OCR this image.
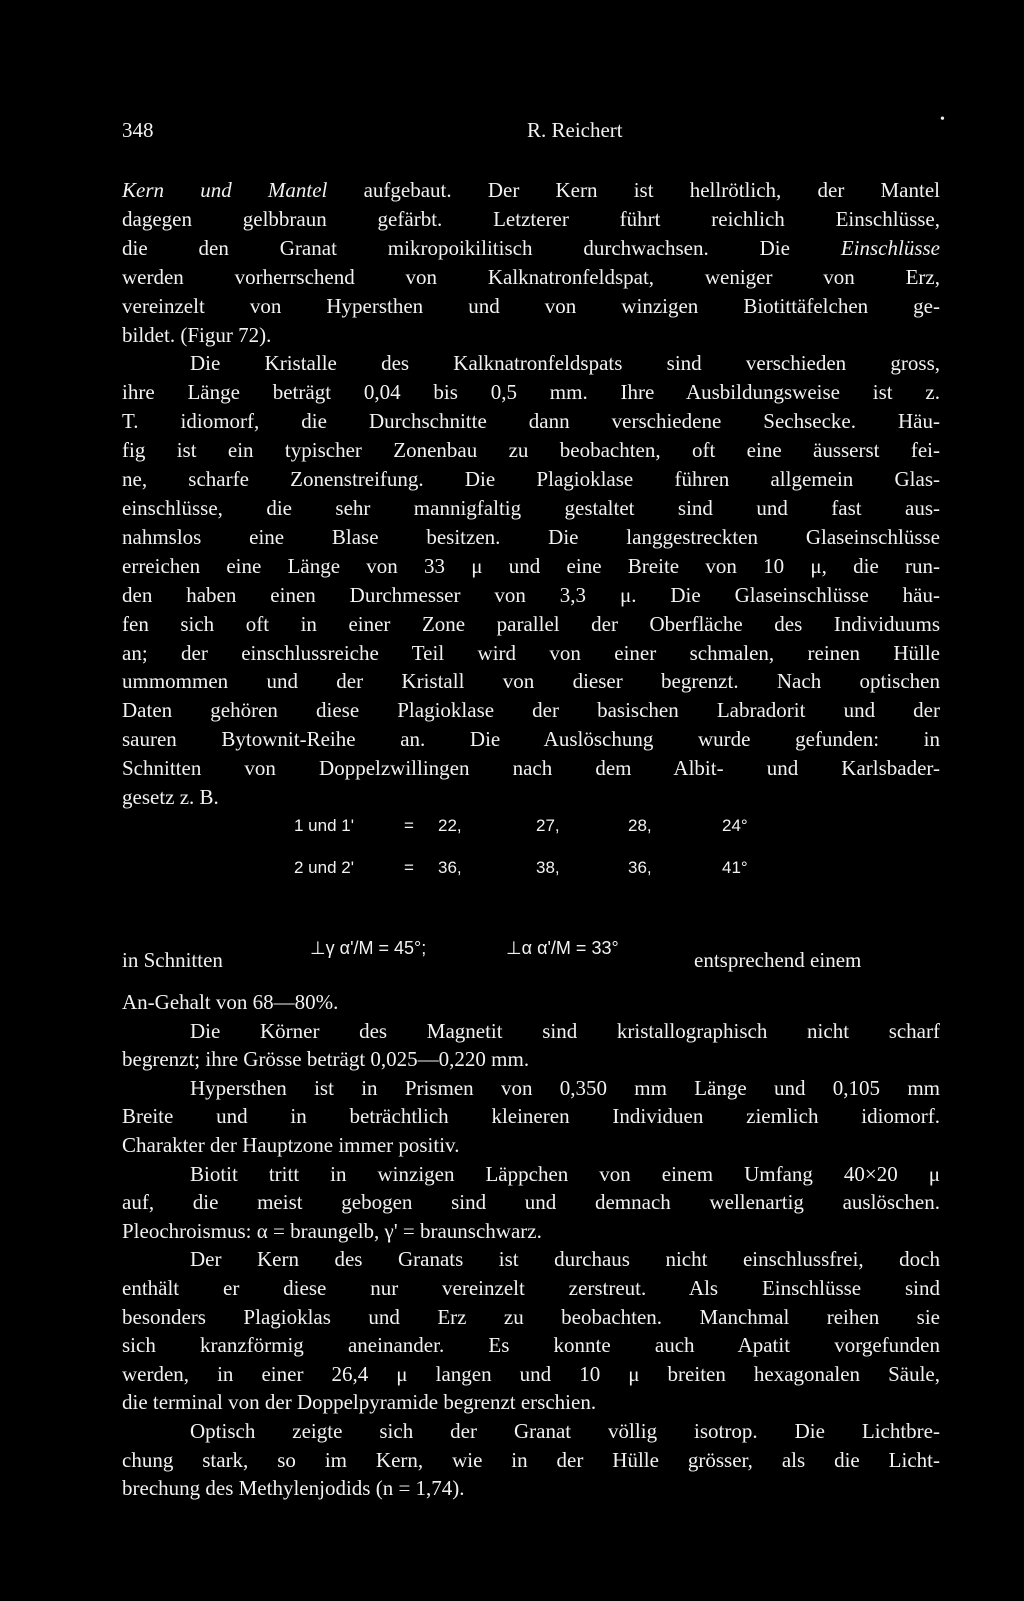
348	R. Reichert	•
Kern und Mantel aufgebaut. Der Kern ist hellrötlich, der Mantel
dagegen gelbbraun gefärbt. Letzterer führt reichlich Einschlüsse,
die den Granat mikropoikilitisch durchwachsen. Die Einschlüsse
werden vorherrschend von Kalknatronfeldspat, weniger von Erz,
vereinzelt von Hypersthen und von winzigen Biotittäfelchen ge-
bildet. (Figur 72).
Die Kristalle des Kalknatronfeldspats sind verschieden gross,
ihre Länge beträgt 0,04 bis 0,5 mm. Ihre Ausbildungsweise ist z.
T. idiomorf, die Durchschnitte dann verschiedene Sechsecke. Häu-
fig ist ein typischer Zonenbau zu beobachten, oft eine äusserst fei-
ne, scharfe Zonenstreifung. Die Plagioklase führen allgemein Glas-
einschlüsse, die sehr mannigfaltig gestaltet sind und fast aus-
nahmslos eine Blase besitzen. Die langgestreckten Glaseinschlüsse
erreichen eine Länge von 33 μ und eine Breite von 10 μ, die run-
den haben einen Durchmesser von 3,3 μ. Die Glaseinschlüsse häu-
fen sich oft in einer Zone parallel der Oberfläche des Individuums
an; der einschlussreiche Teil wird von einer schmalen, reinen Hülle
ummommen und der Kristall von dieser begrenzt. Nach optischen
Daten gehören diese Plagioklase der basischen Labradorit und der
sauren Bytownit-Reihe an. Die Auslöschung wurde gefunden: in
Schnitten von Doppelzwillingen nach dem Albit- und Karlsbader-
gesetz z. B.
1 und 1'	= 22,	27,	28,	24°
2 und 2'	= 36,	38,	36,	41°
in Schnitten	⊥γ α'/M = 45°;	⊥α α'/M = 33°	entsprechend einem
An-Gehalt von 68—80%.
Die Körner des Magnetit sind kristallographisch nicht scharf
begrenzt; ihre Grösse beträgt 0,025—0,220 mm.
Hypersthen ist in Prismen von 0,350 mm Länge und 0,105 mm
Breite und in beträchtlich kleineren Individuen ziemlich idiomorf.
Charakter der Hauptzone immer positiv.
Biotit tritt in winzigen Läppchen von einem Umfang 40×20 μ
auf, die meist gebogen sind und demnach wellenartig auslöschen.
Pleochroismus: α = braungelb, γ' = braunschwarz.
Der Kern des Granats ist durchaus nicht einschlussfrei, doch
enthält er diese nur vereinzelt zerstreut. Als Einschlüsse sind
besonders Plagioklas und Erz zu beobachten. Manchmal reihen sie
sich kranzförmig aneinander. Es konnte auch Apatit vorgefunden
werden, in einer 26,4 μ langen und 10 μ breiten hexagonalen Säule,
die terminal von der Doppelpyramide begrenzt erschien.
Optisch zeigte sich der Granat völlig isotrop. Die Lichtbre-
chung stark, so im Kern, wie in der Hülle grösser, als die Licht-
brechung des Methylenjodids (n = 1,74).
